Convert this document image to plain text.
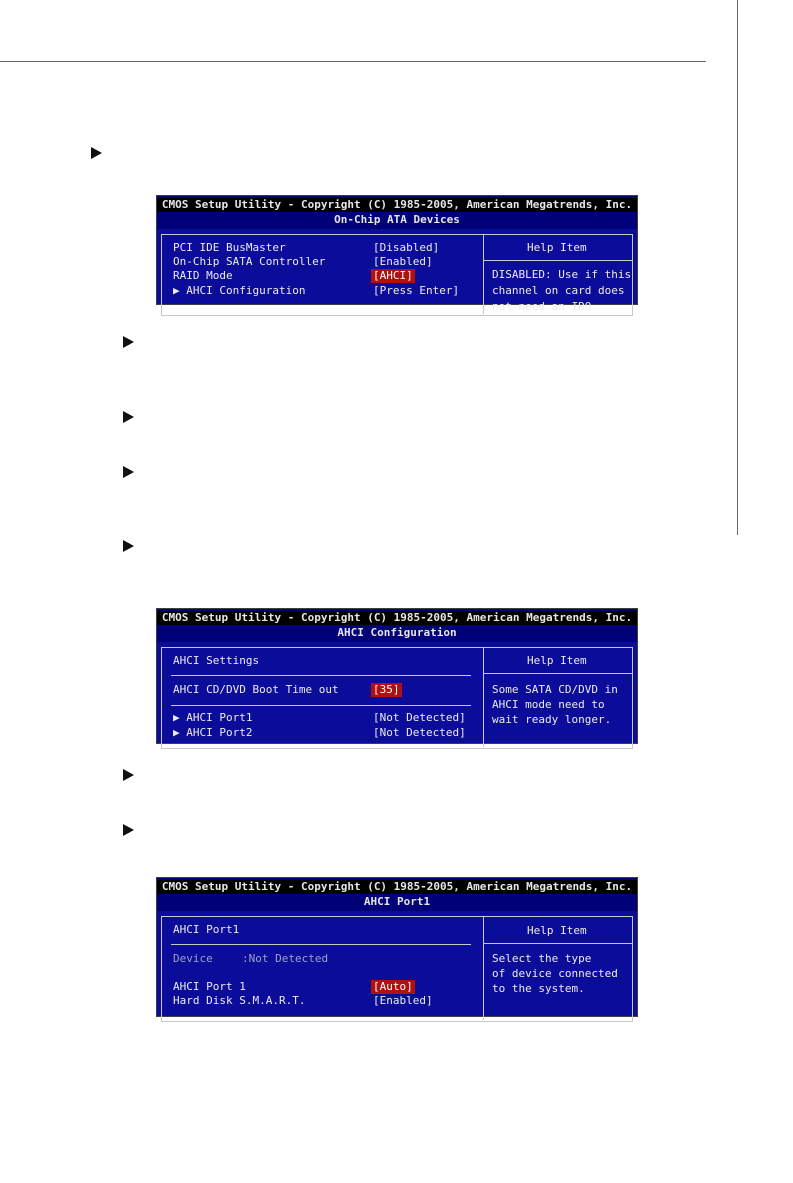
CMOS Setup Utility - Copyright (C) 1985-2005, American Megatrends, Inc.
On-Chip ATA Devices
PCI IDE BusMaster	[Disabled]
On-Chip SATA Controller	[Enabled]
RAID Mode	[AHCI]
▶ AHCI Configuration	[Press Enter]
Help Item
DISABLED: Use if this
channel on card does
not need an IRQ
CMOS Setup Utility - Copyright (C) 1985-2005, American Megatrends, Inc.
AHCI Configuration
AHCI Settings
AHCI CD/DVD Boot Time out	[35]
▶ AHCI Port1	[Not Detected]
▶ AHCI Port2	[Not Detected]
Help Item
Some SATA CD/DVD in
AHCI mode need to
wait ready longer.
CMOS Setup Utility - Copyright (C) 1985-2005, American Megatrends, Inc.
AHCI Port1
AHCI Port1
Device	:Not Detected
AHCI Port 1	[Auto]
Hard Disk S.M.A.R.T.	[Enabled]
Help Item
Select the type
of device connected
to the system.
